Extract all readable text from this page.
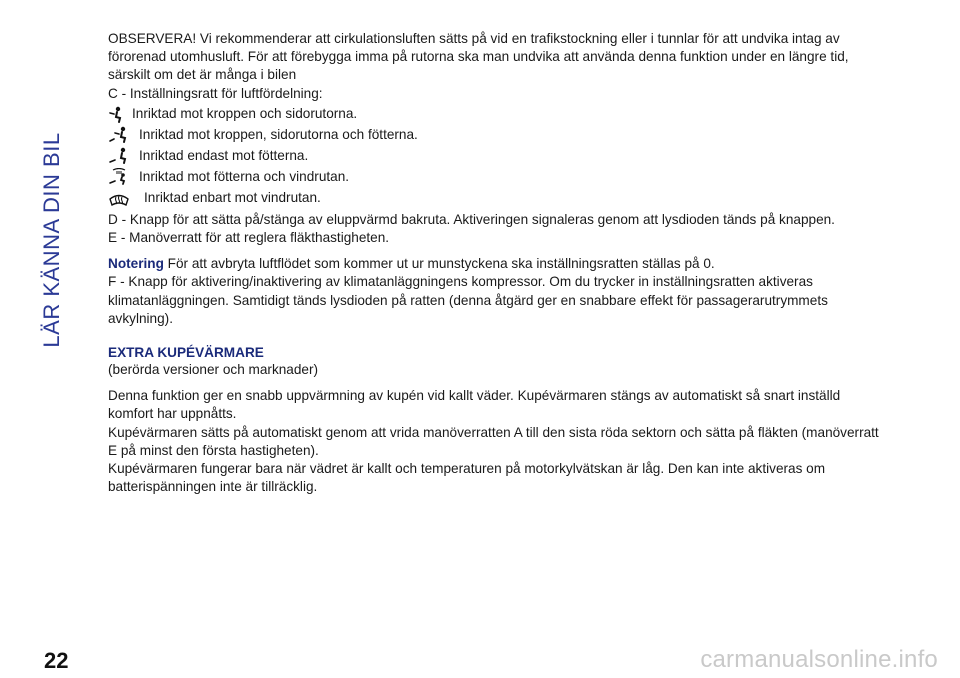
LÄR KÄNNA DIN BIL

OBSERVERA! Vi rekommenderar att cirkulationsluften sätts på vid en trafikstockning eller i tunnlar för att undvika intag av förorenad utomhusluft. För att förebygga imma på rutorna ska man undvika att använda denna funktion under en längre tid, särskilt om det är många i bilen

C - Inställningsratt för luftfördelning:

Inriktad mot kroppen och sidorutorna.
Inriktad mot kroppen, sidorutorna och fötterna.
Inriktad endast mot fötterna.
Inriktad mot fötterna och vindrutan.
Inriktad enbart mot vindrutan.

D - Knapp för att sätta på/stänga av eluppvärmd bakruta. Aktiveringen signaleras genom att lysdioden tänds på knappen.

E - Manöverratt för att reglera fläkthastigheten.

Notering För att avbryta luftflödet som kommer ut ur munstyckena ska inställningsratten ställas på 0.

F - Knapp för aktivering/inaktivering av klimatanläggningens kompressor. Om du trycker in inställningsratten aktiveras klimatanläggningen. Samtidigt tänds lysdioden på ratten (denna åtgärd ger en snabbare effekt för passagerarutrymmets avkylning).

EXTRA KUPÉVÄRMARE

(berörda versioner och marknader)

Denna funktion ger en snabb uppvärmning av kupén vid kallt väder. Kupévärmaren stängs av automatiskt så snart inställd komfort har uppnåtts.

Kupévärmaren sätts på automatiskt genom att vrida manöverratten A till den sista röda sektorn och sätta på fläkten (manöverratt E på minst den första hastigheten).

Kupévärmaren fungerar bara när vädret är kallt och temperaturen på motorkylvätskan är låg. Den kan inte aktiveras om batterispänningen inte är tillräcklig.

22	carmanualsonline.info
